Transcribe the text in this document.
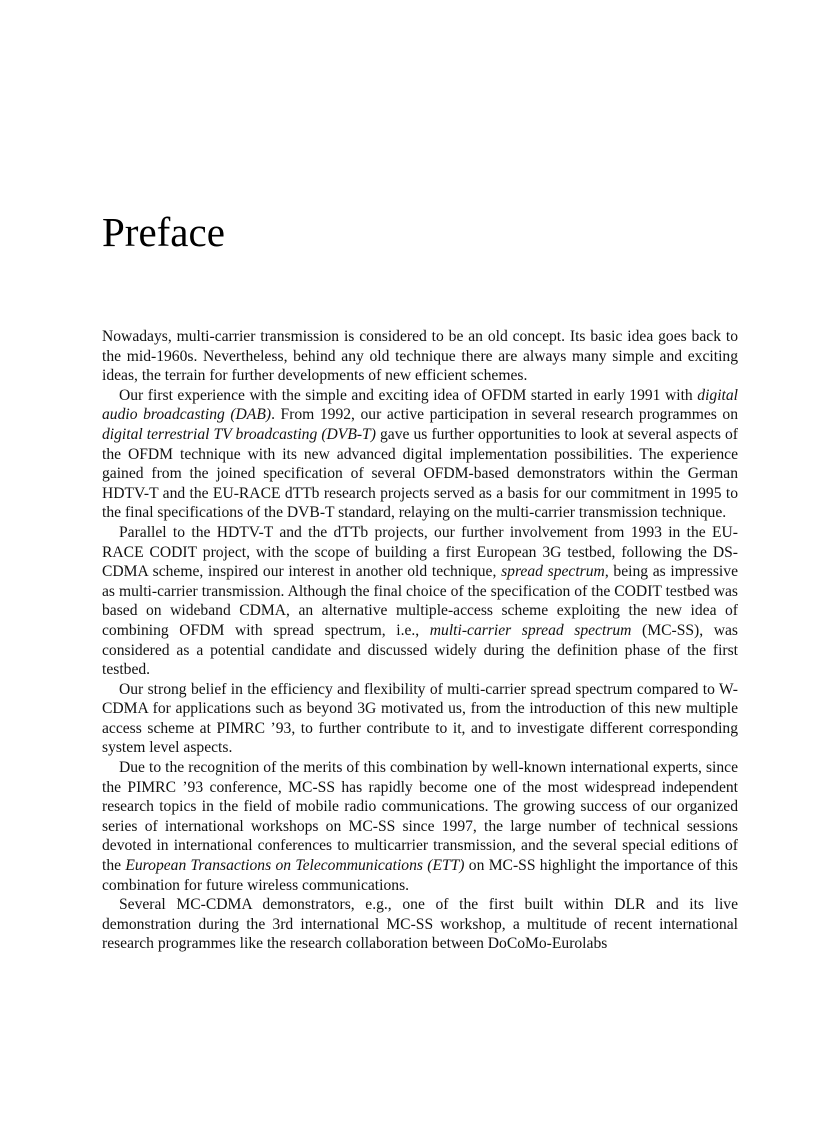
Preface

Nowadays, multi-carrier transmission is considered to be an old concept. Its basic idea goes back to the mid-1960s. Nevertheless, behind any old technique there are always many simple and exciting ideas, the terrain for further developments of new efficient schemes.

Our first experience with the simple and exciting idea of OFDM started in early 1991 with digital audio broadcasting (DAB). From 1992, our active participation in several research programmes on digital terrestrial TV broadcasting (DVB-T) gave us further opportunities to look at several aspects of the OFDM technique with its new advanced digital implementation possibilities. The experience gained from the joined specification of several OFDM-based demonstrators within the German HDTV-T and the EU-RACE dTTb research projects served as a basis for our commitment in 1995 to the final specifications of the DVB-T standard, relaying on the multi-carrier transmission technique.

Parallel to the HDTV-T and the dTTb projects, our further involvement from 1993 in the EU-RACE CODIT project, with the scope of building a first European 3G testbed, following the DS-CDMA scheme, inspired our interest in another old technique, spread spectrum, being as impressive as multi-carrier transmission. Although the final choice of the specification of the CODIT testbed was based on wideband CDMA, an alternative multiple-access scheme exploiting the new idea of combining OFDM with spread spectrum, i.e., multi-carrier spread spectrum (MC-SS), was considered as a potential candidate and discussed widely during the definition phase of the first testbed.

Our strong belief in the efficiency and flexibility of multi-carrier spread spectrum compared to W-CDMA for applications such as beyond 3G motivated us, from the introduction of this new multiple access scheme at PIMRC ’93, to further contribute to it, and to investigate different corresponding system level aspects.

Due to the recognition of the merits of this combination by well-known international experts, since the PIMRC ’93 conference, MC-SS has rapidly become one of the most widespread independent research topics in the field of mobile radio communications. The growing success of our organized series of international workshops on MC-SS since 1997, the large number of technical sessions devoted in international conferences to multicarrier transmission, and the several special editions of the European Transactions on Telecommunications (ETT) on MC-SS highlight the importance of this combination for future wireless communications.

Several MC-CDMA demonstrators, e.g., one of the first built within DLR and its live demonstration during the 3rd international MC-SS workshop, a multitude of recent international research programmes like the research collaboration between DoCoMo-Eurolabs
